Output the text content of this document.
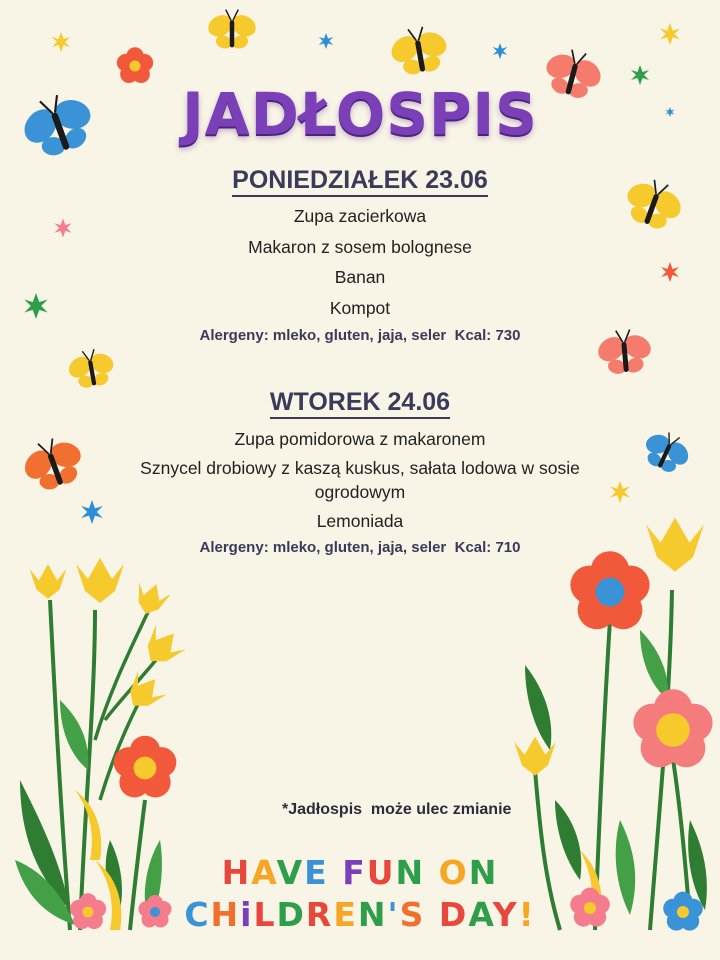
JADŁOSPIS
PONIEDZIAŁEK 23.06
Zupa zacierkowa
Makaron z sosem bolognese
Banan
Kompot
Alergeny: mleko, gluten, jaja, seler Kcal: 730
WTOREK 24.06
Zupa pomidorowa z makaronem
Sznycel drobiowy z kaszą kuskus, sałata lodowa w sosie ogrodowym
Lemoniada
Alergeny: mleko, gluten, jaja, seler Kcal: 710
*Jadłospis  może ulec zmianie
HAVE FUN ON
CHiLDREN'S DAY!
